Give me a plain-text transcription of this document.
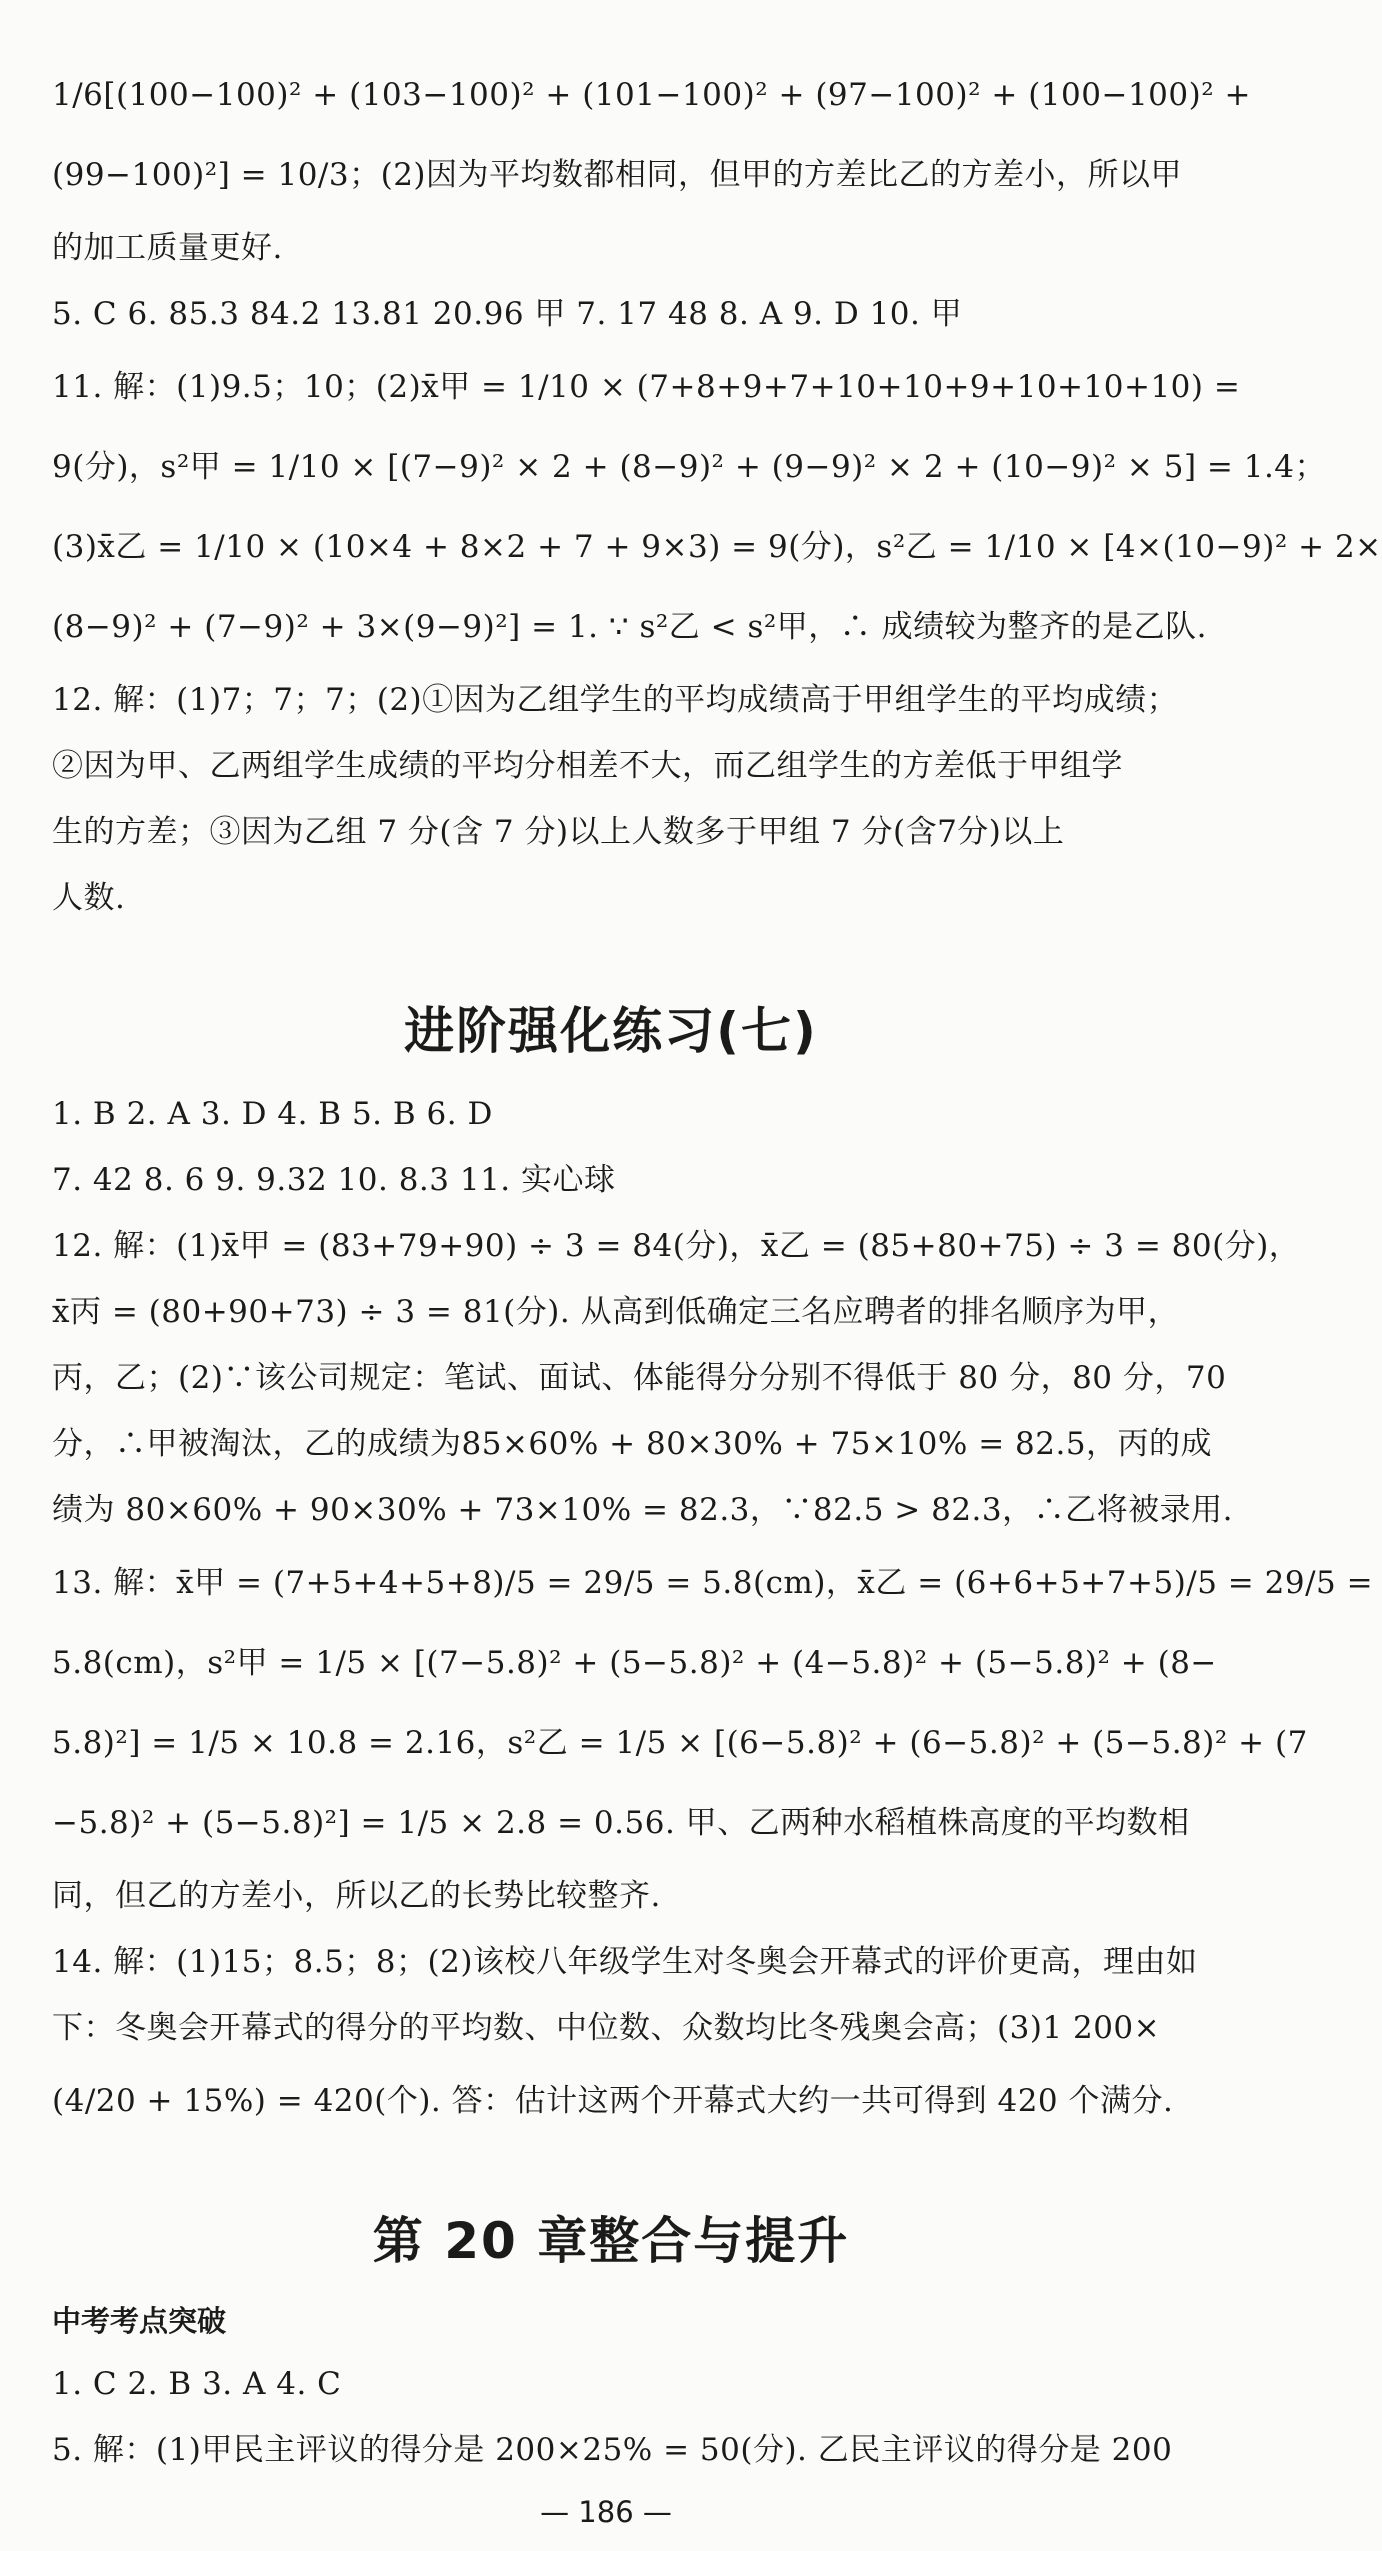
1/6[(100−100)² + (103−100)² + (101−100)² + (97−100)² + (100−100)² +
(99−100)²] = 10/3；(2)因为平均数都相同，但甲的方差比乙的方差小，所以甲
的加工质量更好.
5. C 6. 85.3 84.2 13.81 20.96 甲 7. 17 48 8. A 9. D 10. 甲
11. 解：(1)9.5；10；(2)x̄甲 = 1/10 × (7+8+9+7+10+10+9+10+10+10) =
9(分)，s²甲 = 1/10 × [(7−9)² × 2 + (8−9)² + (9−9)² × 2 + (10−9)² × 5] = 1.4；
(3)x̄乙 = 1/10 × (10×4 + 8×2 + 7 + 9×3) = 9(分)，s²乙 = 1/10 × [4×(10−9)² + 2×
(8−9)² + (7−9)² + 3×(9−9)²] = 1. ∵ s²乙 < s²甲，∴ 成绩较为整齐的是乙队.
12. 解：(1)7；7；7；(2)①因为乙组学生的平均成绩高于甲组学生的平均成绩；
②因为甲、乙两组学生成绩的平均分相差不大，而乙组学生的方差低于甲组学
生的方差；③因为乙组 7 分(含 7 分)以上人数多于甲组 7 分(含7分)以上
人数.
进阶强化练习(七)
1. B 2. A 3. D 4. B 5. B 6. D
7. 42 8. 6 9. 9.32 10. 8.3 11. 实心球
12. 解：(1)x̄甲 = (83+79+90) ÷ 3 = 84(分)，x̄乙 = (85+80+75) ÷ 3 = 80(分)，
x̄丙 = (80+90+73) ÷ 3 = 81(分). 从高到低确定三名应聘者的排名顺序为甲，
丙，乙；(2)∵该公司规定：笔试、面试、体能得分分别不得低于 80 分，80 分，70
分，∴甲被淘汰，乙的成绩为85×60% + 80×30% + 75×10% = 82.5，丙的成
绩为 80×60% + 90×30% + 73×10% = 82.3，∵82.5 > 82.3，∴乙将被录用.
13. 解：x̄甲 = (7+5+4+5+8)/5 = 29/5 = 5.8(cm)，x̄乙 = (6+6+5+7+5)/5 = 29/5 =
5.8(cm)，s²甲 = 1/5 × [(7−5.8)² + (5−5.8)² + (4−5.8)² + (5−5.8)² + (8−
5.8)²] = 1/5 × 10.8 = 2.16，s²乙 = 1/5 × [(6−5.8)² + (6−5.8)² + (5−5.8)² + (7
−5.8)² + (5−5.8)²] = 1/5 × 2.8 = 0.56. 甲、乙两种水稻植株高度的平均数相
同，但乙的方差小，所以乙的长势比较整齐.
14. 解：(1)15；8.5；8；(2)该校八年级学生对冬奥会开幕式的评价更高，理由如
下：冬奥会开幕式的得分的平均数、中位数、众数均比冬残奥会高；(3)1 200×
(4/20 + 15%) = 420(个). 答：估计这两个开幕式大约一共可得到 420 个满分.
第 20 章整合与提升
中考考点突破
1. C 2. B 3. A 4. C
5. 解：(1)甲民主评议的得分是 200×25% = 50(分). 乙民主评议的得分是 200
— 186 —
